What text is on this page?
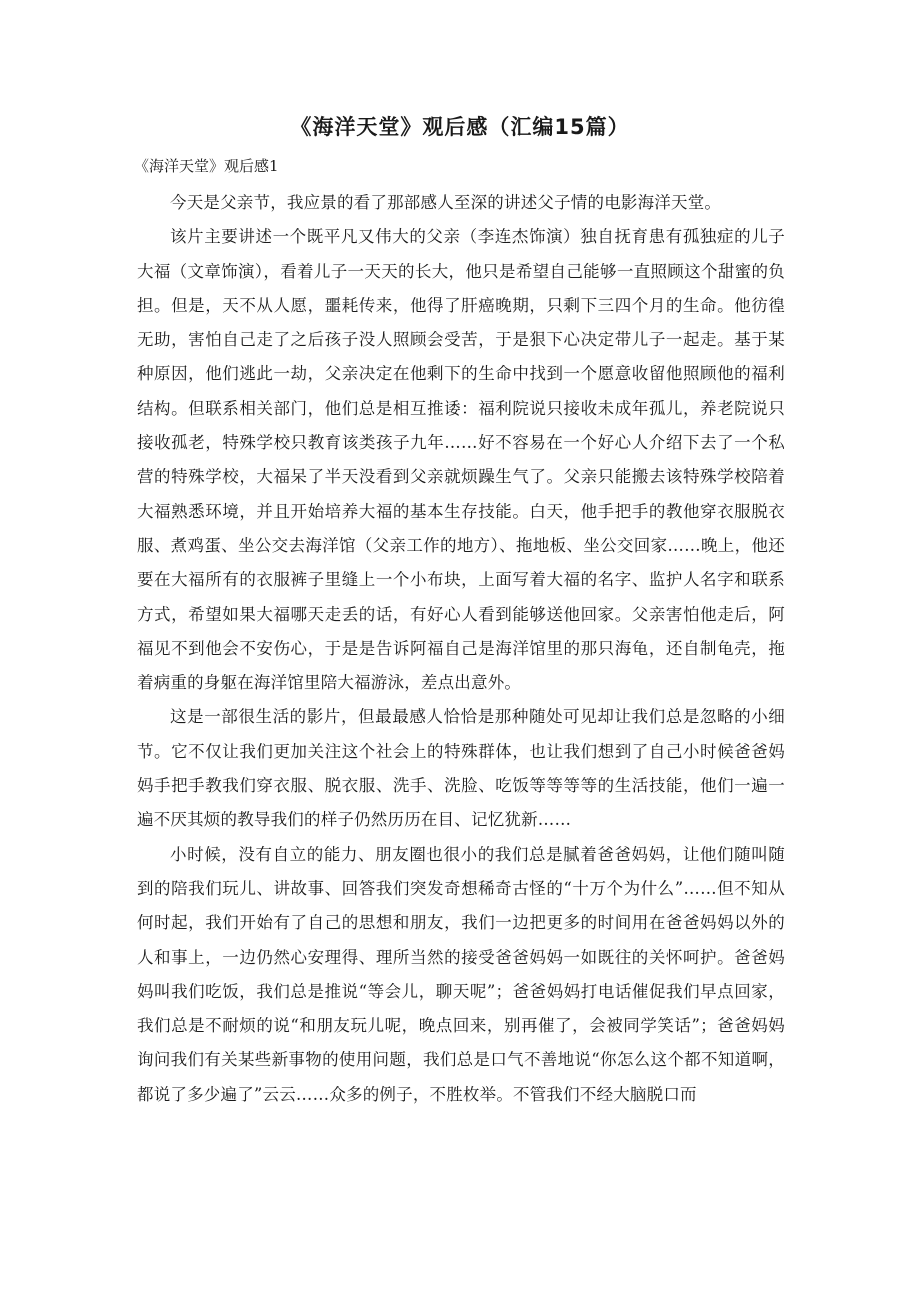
《海洋天堂》观后感（汇编15篇）

《海洋天堂》观后感1

今天是父亲节，我应景的看了那部感人至深的讲述父子情的电影海洋天堂。

该片主要讲述一个既平凡又伟大的父亲（李连杰饰演）独自抚育患有孤独症的儿子大福（文章饰演），看着儿子一天天的长大，他只是希望自己能够一直照顾这个甜蜜的负担。但是，天不从人愿，噩耗传来，他得了肝癌晚期，只剩下三四个月的生命。他彷徨无助，害怕自己走了之后孩子没人照顾会受苦，于是狠下心决定带儿子一起走。基于某种原因，他们逃此一劫，父亲决定在他剩下的生命中找到一个愿意收留他照顾他的福利结构。但联系相关部门，他们总是相互推诿：福利院说只接收未成年孤儿，养老院说只接收孤老，特殊学校只教育该类孩子九年……好不容易在一个好心人介绍下去了一个私营的特殊学校，大福呆了半天没看到父亲就烦躁生气了。父亲只能搬去该特殊学校陪着大福熟悉环境，并且开始培养大福的基本生存技能。白天，他手把手的教他穿衣服脱衣服、煮鸡蛋、坐公交去海洋馆（父亲工作的地方）、拖地板、坐公交回家……晚上，他还要在大福所有的衣服裤子里缝上一个小布块，上面写着大福的名字、监护人名字和联系方式，希望如果大福哪天走丢的话，有好心人看到能够送他回家。父亲害怕他走后，阿福见不到他会不安伤心，于是是告诉阿福自己是海洋馆里的那只海龟，还自制龟壳，拖着病重的身躯在海洋馆里陪大福游泳，差点出意外。

这是一部很生活的影片，但最最感人恰恰是那种随处可见却让我们总是忽略的小细节。它不仅让我们更加关注这个社会上的特殊群体，也让我们想到了自己小时候爸爸妈妈手把手教我们穿衣服、脱衣服、洗手、洗脸、吃饭等等等等的生活技能，他们一遍一遍不厌其烦的教导我们的样子仍然历历在目、记忆犹新……

小时候，没有自立的能力、朋友圈也很小的我们总是腻着爸爸妈妈，让他们随叫随到的陪我们玩儿、讲故事、回答我们突发奇想稀奇古怪的“十万个为什么”……但不知从何时起，我们开始有了自己的思想和朋友，我们一边把更多的时间用在爸爸妈妈以外的人和事上，一边仍然心安理得、理所当然的接受爸爸妈妈一如既往的关怀呵护。爸爸妈妈叫我们吃饭，我们总是推说“等会儿，聊天呢”；爸爸妈妈打电话催促我们早点回家，我们总是不耐烦的说“和朋友玩儿呢，晚点回来，别再催了，会被同学笑话”；爸爸妈妈询问我们有关某些新事物的使用问题，我们总是口气不善地说“你怎么这个都不知道啊，都说了多少遍了”云云……众多的例子，不胜枚举。不管我们不经大脑脱口而
